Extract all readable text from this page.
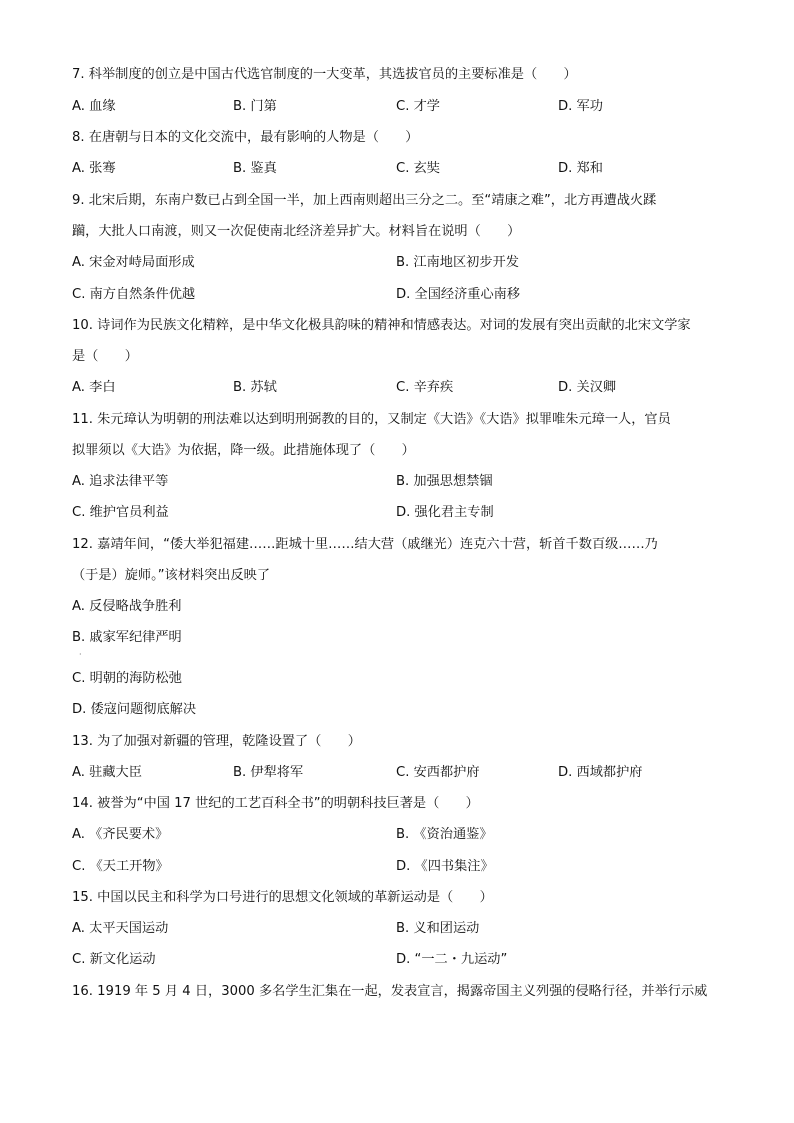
7. 科举制度的创立是中国古代选官制度的一大变革，其选拔官员的主要标准是（　　）
A. 血缘	B. 门第	C. 才学	D. 军功
8. 在唐朝与日本的文化交流中，最有影响的人物是（　　）
A. 张骞	B. 鉴真	C. 玄奘	D. 郑和
9. 北宋后期，东南户数已占到全国一半，加上西南则超出三分之二。至“靖康之难”，北方再遭战火蹂
躏，大批人口南渡，则又一次促使南北经济差异扩大。材料旨在说明（　　）
A. 宋金对峙局面形成	B. 江南地区初步开发
C. 南方自然条件优越	D. 全国经济重心南移
10. 诗词作为民族文化精粹，是中华文化极具韵味的精神和情感表达。对词的发展有突出贡献的北宋文学家
是（　　）
A. 李白	B. 苏轼	C. 辛弃疾	D. 关汉卿
11. 朱元璋认为明朝的刑法难以达到明刑弼教的目的，又制定《大诰》《大诰》拟罪唯朱元璋一人，官员
拟罪须以《大诰》为依据，降一级。此措施体现了（　　）
A. 追求法律平等	B. 加强思想禁锢
C. 维护官员利益	D. 强化君主专制
12. 嘉靖年间，“倭大举犯福建……距城十里……结大营（戚继光）连克六十营，斩首千数百级……乃
（于是）旋师。”该材料突出反映了
A. 反侵略战争胜利
B. 戚家军纪律严明
·
C. 明朝的海防松弛
D. 倭寇问题彻底解决
13. 为了加强对新疆的管理，乾隆设置了（　　）
A. 驻藏大臣	B. 伊犁将军	C. 安西都护府	D. 西域都护府
14. 被誉为“中国 17 世纪的工艺百科全书”的明朝科技巨著是（　　）
A. 《齐民要术》	B. 《资治通鉴》
C. 《天工开物》	D. 《四书集注》
15. 中国以民主和科学为口号进行的思想文化领域的革新运动是（　　）
A. 太平天国运动	B. 义和团运动
C. 新文化运动	D. “一二・九运动”
16. 1919 年 5 月 4 日，3000 多名学生汇集在一起，发表宣言，揭露帝国主义列强的侵略行径，并举行示威
